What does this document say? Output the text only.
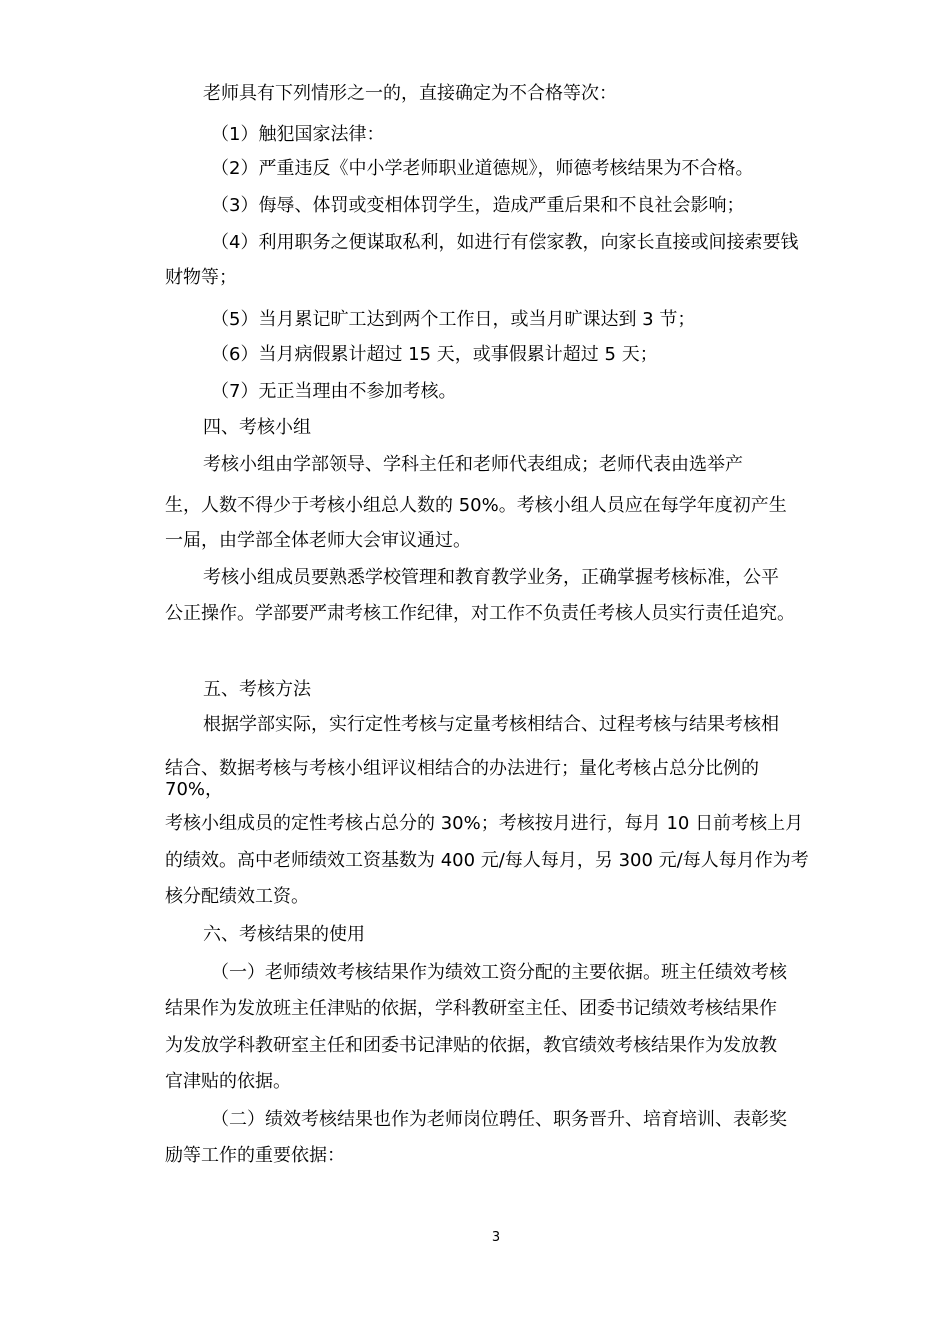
老师具有下列情形之一的，直接确定为不合格等次：
（1）触犯国家法律：
（2）严重违反《中小学老师职业道德规》，师德考核结果为不合格。
（3）侮辱、体罚或变相体罚学生，造成严重后果和不良社会影响；
（4）利用职务之便谋取私利，如进行有偿家教，向家长直接或间接索要钱
财物等；
（5）当月累记旷工达到两个工作日，或当月旷课达到 3 节；
（6）当月病假累计超过 15 天，或事假累计超过 5 天；
（7）无正当理由不参加考核。
四、考核小组
考核小组由学部领导、学科主任和老师代表组成；老师代表由选举产
生，人数不得少于考核小组总人数的 50%。考核小组人员应在每学年度初产生
一届，由学部全体老师大会审议通过。
考核小组成员要熟悉学校管理和教育教学业务，正确掌握考核标准，公平
公正操作。学部要严肃考核工作纪律，对工作不负责任考核人员实行责任追究。
五、考核方法
根据学部实际，实行定性考核与定量考核相结合、过程考核与结果考核相
结合、数据考核与考核小组评议相结合的办法进行；量化考核占总分比例的
70%，
考核小组成员的定性考核占总分的 30%；考核按月进行，每月 10 日前考核上月
的绩效。高中老师绩效工资基数为 400 元/每人每月，另 300 元/每人每月作为考
核分配绩效工资。
六、考核结果的使用
（一）老师绩效考核结果作为绩效工资分配的主要依据。班主任绩效考核
结果作为发放班主任津贴的依据，学科教研室主任、团委书记绩效考核结果作
为发放学科教研室主任和团委书记津贴的依据，教官绩效考核结果作为发放教
官津贴的依据。
（二）绩效考核结果也作为老师岗位聘任、职务晋升、培育培训、表彰奖
励等工作的重要依据：
3
